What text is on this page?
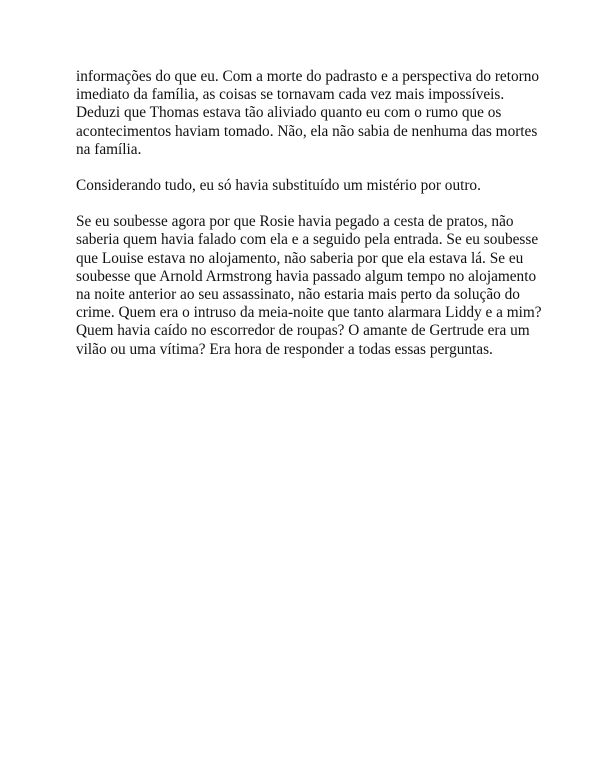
informações do que eu. Com a morte do padrasto e a perspectiva do retorno
imediato da família, as coisas se tornavam cada vez mais impossíveis.
Deduzi que Thomas estava tão aliviado quanto eu com o rumo que os
acontecimentos haviam tomado. Não, ela não sabia de nenhuma das mortes
na família.

Considerando tudo, eu só havia substituído um mistério por outro.

Se eu soubesse agora por que Rosie havia pegado a cesta de pratos, não
saberia quem havia falado com ela e a seguido pela entrada. Se eu soubesse
que Louise estava no alojamento, não saberia por que ela estava lá. Se eu
soubesse que Arnold Armstrong havia passado algum tempo no alojamento
na noite anterior ao seu assassinato, não estaria mais perto da solução do
crime. Quem era o intruso da meia-noite que tanto alarmara Liddy e a mim?
Quem havia caído no escorredor de roupas? O amante de Gertrude era um
vilão ou uma vítima? Era hora de responder a todas essas perguntas.
